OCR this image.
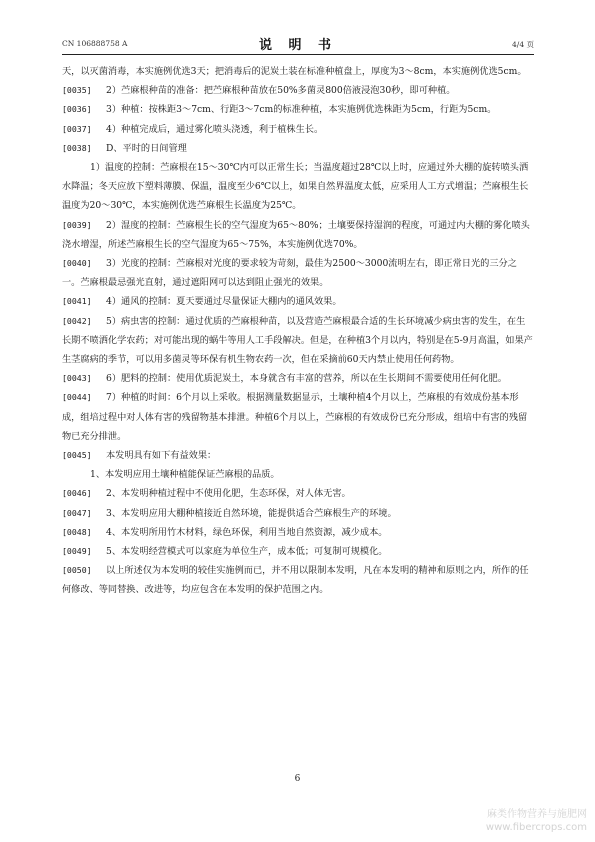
CN 106888758 A	说 明 书	4/4 页

天，以灭菌消毒，本实施例优选3天；把消毒后的泥炭土装在标准种植盘上，厚度为3～8cm，本实施例优选5cm。

[0035] 2）苎麻根种苗的准备：把苎麻根种苗放在50%多菌灵800倍液浸泡30秒，即可种植。

[0036] 3）种植：按株距3～7cm、行距3～7cm的标准种植，本实施例优选株距为5cm，行距为5cm。

[0037] 4）种植完成后，通过雾化喷头浇透，利于植株生长。

[0038] D、平时的日间管理

1）温度的控制：苎麻根在15～30℃内可以正常生长；当温度超过28℃以上时，应通过外大棚的旋转喷头洒水降温；冬天应放下塑料薄膜、保温，温度至少6℃以上，如果自然界温度太低，应采用人工方式增温；苎麻根生长温度为20～30℃，本实施例优选苎麻根生长温度为25℃。

[0039] 2）湿度的控制：苎麻根生长的空气湿度为65～80%；土壤要保持湿润的程度，可通过内大棚的雾化喷头浇水增湿，所述苎麻根生长的空气湿度为65～75%，本实施例优选70%。

[0040] 3）光度的控制：苎麻根对光度的要求较为苛刻，最佳为2500～3000流明左右，即正常日光的三分之一。苎麻根最忌强光直射，通过遮阳网可以达到阻止强光的效果。

[0041] 4）通风的控制：夏天要通过尽量保证大棚内的通风效果。

[0042] 5）病虫害的控制：通过优质的苎麻根种苗，以及营造苎麻根最合适的生长环境减少病虫害的发生，在生长期不喷洒化学农药；对可能出现的蜗牛等用人工手段解决。但是，在种植3个月以内，特别是在5-9月高温，如果产生茎腐病的季节，可以用多菌灵等环保有机生物农药一次，但在采摘前60天内禁止使用任何药物。

[0043] 6）肥料的控制：使用优质泥炭土，本身就含有丰富的营养，所以在生长期间不需要使用任何化肥。

[0044] 7）种植的时间：6个月以上采收。根据测量数据显示，土壤种植4个月以上，苎麻根的有效成份基本形成，组培过程中对人体有害的残留物基本排泄。种植6个月以上，苎麻根的有效成份已充分形成，组培中有害的残留物已充分排泄。

[0045] 本发明具有如下有益效果：

1、本发明应用土壤种植能保证苎麻根的品质。

[0046] 2、本发明种植过程中不使用化肥，生态环保，对人体无害。

[0047] 3、本发明应用大棚种植接近自然环境，能提供适合苎麻根生产的环境。

[0048] 4、本发明所用竹木材料，绿色环保，利用当地自然资源，减少成本。

[0049] 5、本发明经营模式可以家庭为单位生产，成本低；可复制可规模化。

[0050] 以上所述仅为本发明的较佳实施例而已，并不用以限制本发明，凡在本发明的精神和原则之内，所作的任何修改、等同替换、改进等，均应包含在本发明的保护范围之内。

6
麻类作物营养与施肥网
www.fibercrops.com
